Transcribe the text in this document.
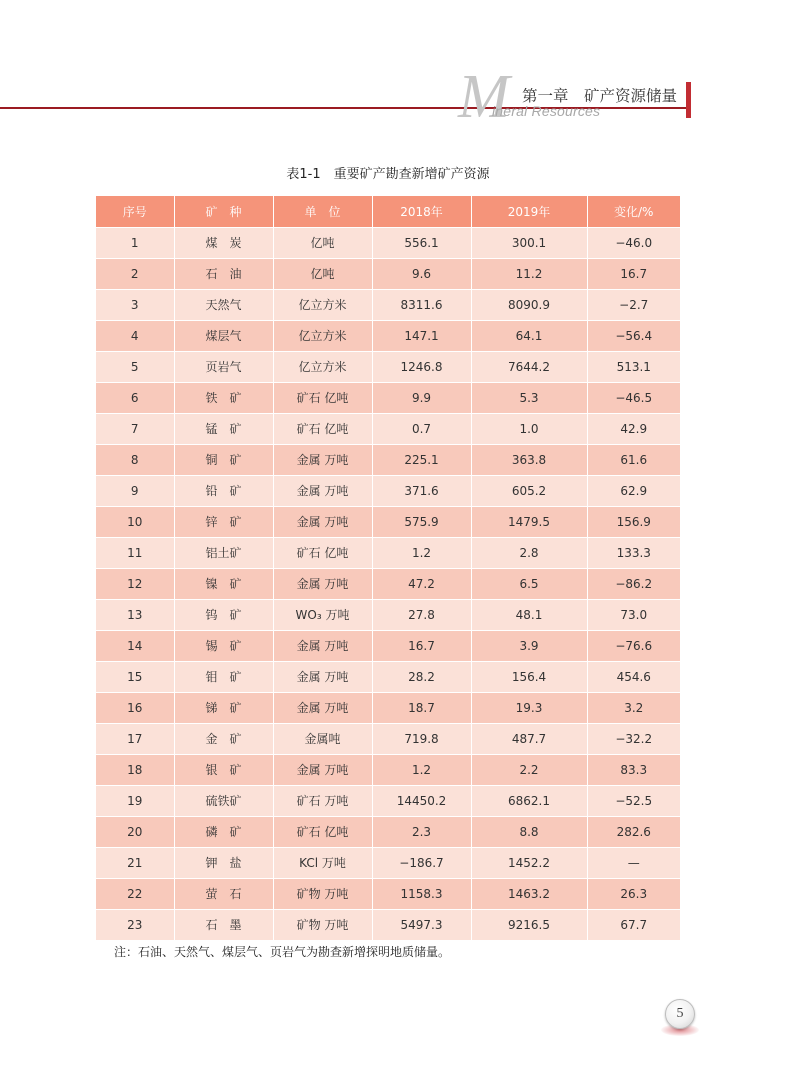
M
ineral Resources
第一章　矿产资源储量
表1-1　重要矿产勘查新增矿产资源
序号	矿　种	单　位	2018年	2019年	变化/%
1	煤　炭	亿吨	556.1	300.1	−46.0
2	石　油	亿吨	9.6	11.2	16.7
3	天然气	亿立方米	8311.6	8090.9	−2.7
4	煤层气	亿立方米	147.1	64.1	−56.4
5	页岩气	亿立方米	1246.8	7644.2	513.1
6	铁　矿	矿石 亿吨	9.9	5.3	−46.5
7	锰　矿	矿石 亿吨	0.7	1.0	42.9
8	铜　矿	金属 万吨	225.1	363.8	61.6
9	铅　矿	金属 万吨	371.6	605.2	62.9
10	锌　矿	金属 万吨	575.9	1479.5	156.9
11	铝土矿	矿石 亿吨	1.2	2.8	133.3
12	镍　矿	金属 万吨	47.2	6.5	−86.2
13	钨　矿	WO₃ 万吨	27.8	48.1	73.0
14	锡　矿	金属 万吨	16.7	3.9	−76.6
15	钼　矿	金属 万吨	28.2	156.4	454.6
16	锑　矿	金属 万吨	18.7	19.3	3.2
17	金　矿	金属吨	719.8	487.7	−32.2
18	银　矿	金属 万吨	1.2	2.2	83.3
19	硫铁矿	矿石 万吨	14450.2	6862.1	−52.5
20	磷　矿	矿石 亿吨	2.3	8.8	282.6
21	钾　盐	KCl 万吨	−186.7	1452.2	—
22	萤　石	矿物 万吨	1158.3	1463.2	26.3
23	石　墨	矿物 万吨	5497.3	9216.5	67.7
注：石油、天然气、煤层气、页岩气为勘查新增探明地质储量。
5
